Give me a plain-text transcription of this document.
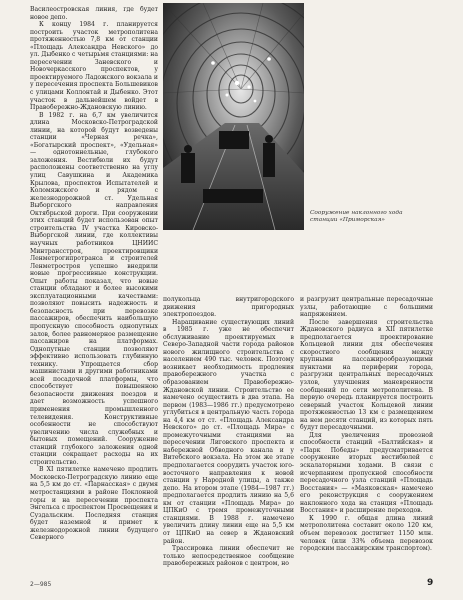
Василеостровская линия, где будет новое депо.

К концу 1984 г. планируется построить участок метрополитена протяженностью 7,8 км от станции «Площадь Александра Невского» до ул. Дыбенко с четырьмя станциями: на пересечении Заневского и Новочеркасского проспектов, у проектируемого Ладожского вокзала и у пересечения проспекта Большевиков с улицами Коллонтай и Дыбенко. Этот участок в дальнейшем войдет в Правобережно-Ждановскую линию.

В 1982 г. на 6,7 км увеличится длина Московско-Петроградской линии, на которой будут возведены станции «Черная речка», «Богатырский проспект», «Удельная» — однотоннельные, глубокого заложения. Вестибюли их будут расположены соответственно на углу улиц Савушкина и Академика Крылова, проспектов Испытателей и Коломяжского и рядом с железнодорожной ст. Удельная Выборгского направления Октябрьской дороги. При сооружении этих станций будет использован опыт строительства IV участка Кировско-Выборгской линии, где коллективы научных работников ЦНИИС Минтрансстроя, проектировщики Ленметрогипротранса и строителей Ленметростроя успешно внедрили новые прогрессивные конструкции. Опыт работы показал, что новые станции обладают и более высокими эксплуатационными качествами: позволяют повысить надежность и безопасность при перевозке пассажиров, обеспечить наибольшую пропускную способность однопутных залов, более равномерное размещение пассажиров на платформах. Однопутные станции позволяют эффективно использовать глубинную технику. Упрощается сбор машинистами и другими работниками всей посадочной платформы, что способствует повышенною безопасности движения поездов и дает возможность успешного применения промышленного телевидения. Конструктивные особенности не способствуют увеличению числа служебных и бытовых помещений. Сооружение станций глубокого заложения одной станции сокращает расходы на их строительство.

В XI пятилетке намечено продлить Московско-Петроградскую линию еще на 5,5 км до ст. «Парнасская» с двумя метростанциями в районе Поклонной горы и на пересечении проспекта Энгельса с проспектом Просвещения и Суздальским. Последняя станция будет наземной и примет к железнодорожной линии будущего Северного

Сооружение наклонного хода станции «Приморская»

полукольца внутригородского движения пригородных электропоездов.

Наращивание существующих линий в 1985 г. уже не обеспечит обслуживание проектируемых в Северо-Западной части города районов нового жилищного строительства с населением 490 тыс. человек. Поэтому возникает необходимость продления правобережного участка с образованием Правобережно-Ждановской линии. Строительство ее намечено осуществить в два этапа. На первом (1983—1986 гг.) предусмотрено углубиться в центральную часть города на 4,4 км от ст. «Площадь Александра Невского» до ст. «Площадь Мира» с промежуточными станциями на пересечении Лиговского проспекта и набережной Обводного канала и у Витебского вокзала. На этом же этапе предполагается соорудить участок юго-восточного направления к новой станции у Народной улицы, а также депо. На втором этапе (1984—1987 гг.) предполагается продлить линию на 5,6 км от станции «Площадь Мира» до ЦПКиО с тремя промежуточными станциями. В 1988 г. намечено увеличить длину линии еще на 5,5 км от ЦПКиО на север в Ждановский район.

Трассировка линии обеспечит не только непосредственное сообщение правобережных районов с центром, но

и разгрузит центральные пересадочные узлы, работающие с большими напряжением.

После завершения строительства Ждановского радиуса в XII пятилетке предполагается проектирование Кольцевой линии для обеспечения скоростного сообщения между крупными пассажирообразующими пунктами на периферии города, разгрузки центральных пересадочных узлов, улучшения маневренности сообщений по сети метрополитена. В первую очередь планируется построить северный участок Кольцевой линии протяженностью 13 км с размещением на нем десяти станций, из которых пять будут пересадочными.

Для увеличения провозной способности станций «Балтийская» и «Парк Победы» предусматривается сооружение вторых вестибюлей с эскалаторными ходами. В связи с исчерпанием пропускной способности пересадочного узла станций «Площадь Восстания» — «Маяковская» намечено его реконструкция с сооружением наклонного хода на станция «Площадь Восстания» и расширение переходов.

К 1990 г. общая длина линий метрополитена составит около 120 км, объем перевозок достигнет 1150 млн. человек (или 33% объема перевозок городским пассажирским транспортом).

2—985	9
